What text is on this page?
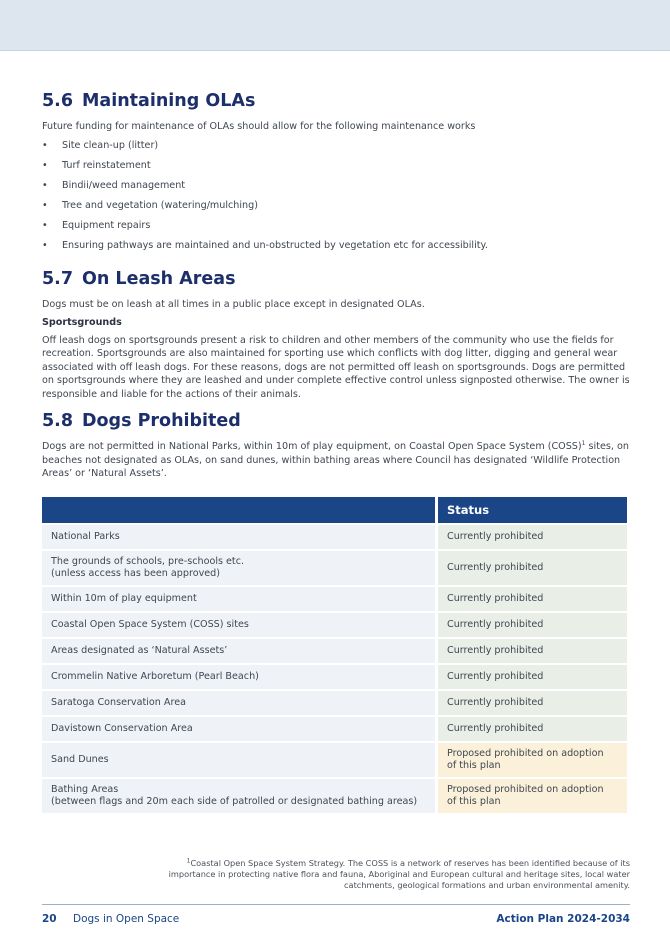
5.6 Maintaining OLAs

Future funding for maintenance of OLAs should allow for the following maintenance works

• Site clean-up (litter)
• Turf reinstatement
• Bindii/weed management
• Tree and vegetation (watering/mulching)
• Equipment repairs
• Ensuring pathways are maintained and un-obstructed by vegetation etc for accessibility.
5.7 On Leash Areas

Dogs must be on leash at all times in a public place except in designated OLAs.

Sportsgrounds

Off leash dogs on sportsgrounds present a risk to children and other members of the community who use the fields for recreation. Sportsgrounds are also maintained for sporting use which conflicts with dog litter, digging and general wear associated with off leash dogs. For these reasons, dogs are not permitted off leash on sportsgrounds. Dogs are permitted on sportsgrounds where they are leashed and under complete effective control unless signposted otherwise. The owner is responsible and liable for the actions of their animals.

5.8 Dogs Prohibited

Dogs are not permitted in National Parks, within 10m of play equipment, on Coastal Open Space System (COSS)$^1$ sites, on beaches not designated as OLAs, on sand dunes, within bathing areas where Council has designated ‘Wildlife Protection Areas’ or ‘Natural Assets’.

	Status
National Parks	Currently prohibited
The grounds of schools, pre-schools etc.
(unless access has been approved)	Currently prohibited
Within 10m of play equipment	Currently prohibited
Coastal Open Space System (COSS) sites	Currently prohibited
Areas designated as ‘Natural Assets’	Currently prohibited
Crommelin Native Arboretum (Pearl Beach)	Currently prohibited
Saratoga Conservation Area	Currently prohibited
Davistown Conservation Area	Currently prohibited
Sand Dunes	Proposed prohibited on adoption
of this plan
Bathing Areas
(between flags and 20m each side of patrolled or designated bathing areas)	Proposed prohibited on adoption
of this plan
$^1$Coastal Open Space System Strategy. The COSS is a network of reserves has been identified because of its importance in protecting native flora and fauna, Aboriginal and European cultural and heritage sites, local water catchments, geological formations and urban environmental amenity.
20 Dogs in Open Space	Action Plan 2024-2034
